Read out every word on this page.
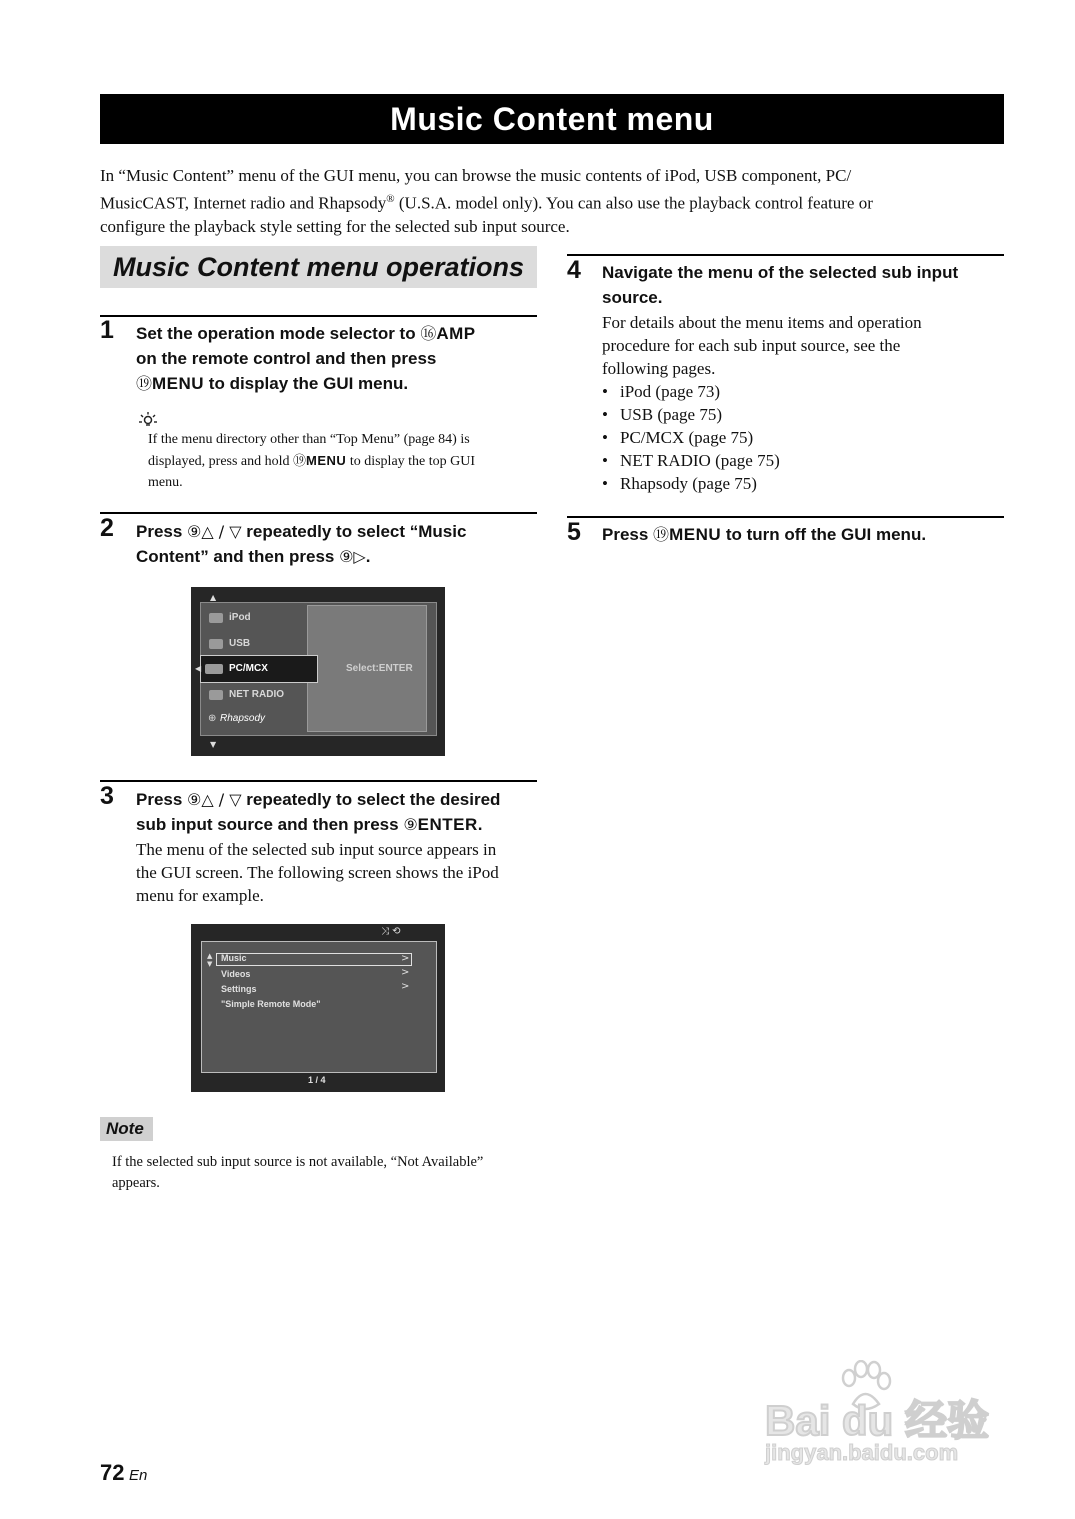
Music Content menu
In “Music Content” menu of the GUI menu, you can browse the music contents of iPod, USB component, PC/
MusicCAST, Internet radio and Rhapsody® (U.S.A. model only). You can also use the playback control feature or
configure the playback style setting for the selected sub input source.
Music Content menu operations
1 Set the operation mode selector to ⑯AMP
on the remote control and then press
⑲MENU to display the GUI menu.
If the menu directory other than “Top Menu” (page 84) is
displayed, press and hold ⑲MENU to display the top GUI
menu.
2 Press ⑨△ / ▽ repeatedly to select “Music
Content” and then press ⑨▷.
▲
▼
◀
iPod
USB
PC/MCX
NET RADIO
Rhapsody
⊕
Select:ENTER
3 Press ⑨△ / ▽ repeatedly to select the desired
sub input source and then press ⑨ENTER.
The menu of the selected sub input source appears in
the GUI screen. The following screen shows the iPod
menu for example.
⤨ ⟲
▲
▼
Music
Videos
Settings
"Simple Remote Mode"
>
>
>
1 / 4
Note
If the selected sub input source is not available, “Not Available”
appears.
4 Navigate the menu of the selected sub input
source.
For details about the menu items and operation
procedure for each sub input source, see the
following pages.
• iPod (page 73)
• USB (page 75)
• PC/MCX (page 75)
• NET RADIO (page 75)
• Rhapsody (page 75)
5 Press ⑲MENU to turn off the GUI menu.
72 En
Bai du 经验
jingyan.baidu.com
